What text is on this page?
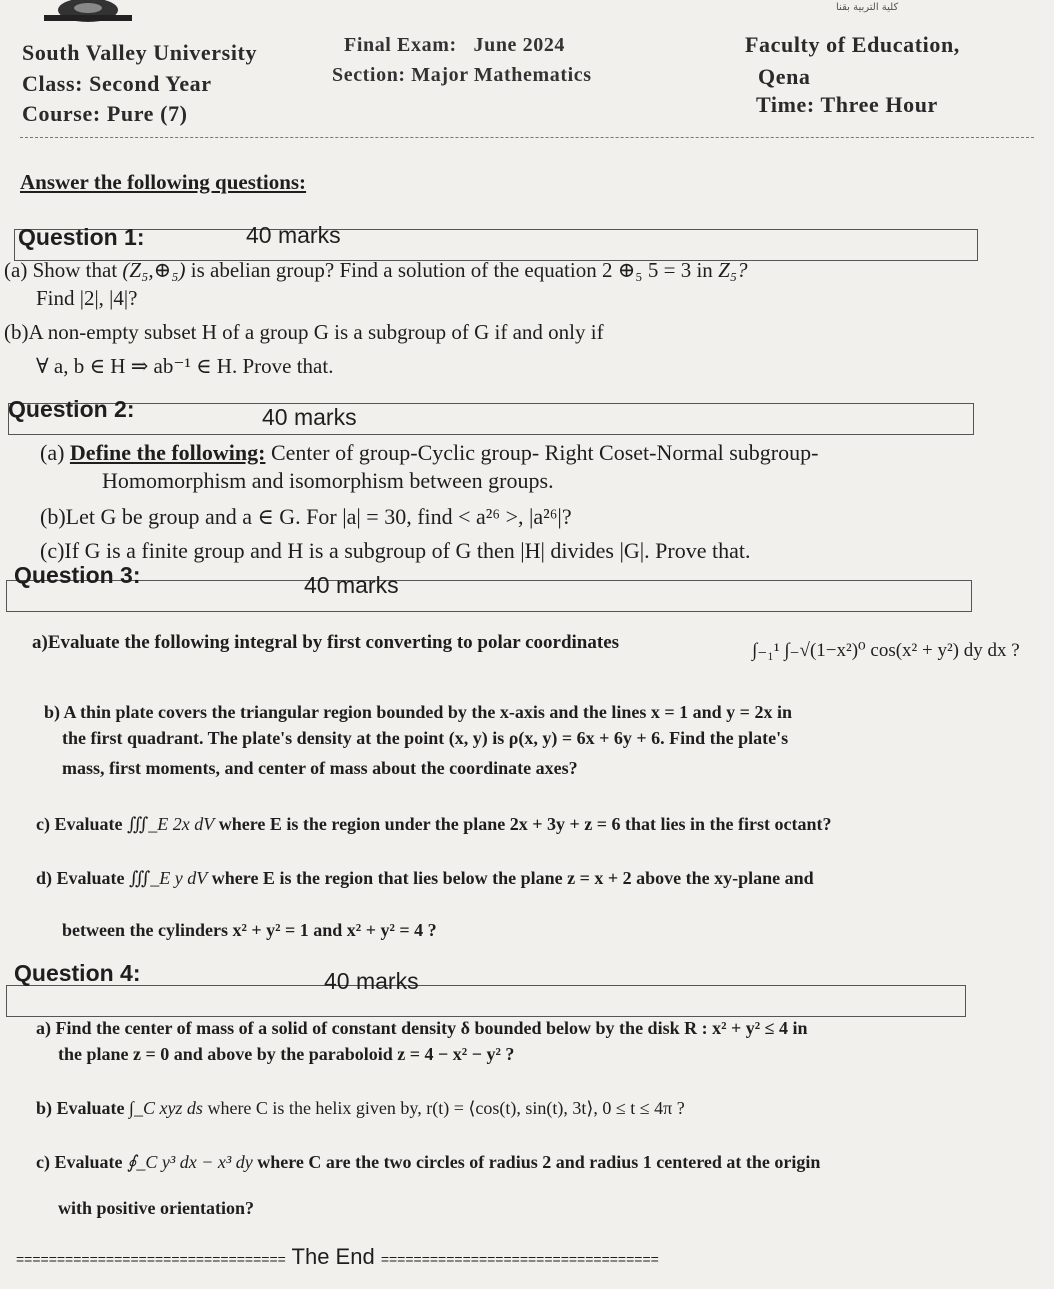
كلية التربية بقنا
South Valley University
Class: Second Year
Course: Pure (7)
Final Exam:   June 2024
Section: Major Mathematics
Faculty of Education,
Qena
Time: Three Hour
Answer the following questions:
Question 1:	40 marks
(a) Show that (Z₅,⊕₅) is abelian group? Find a solution of the equation 2 ⊕₅ 5 = 3 in Z₅?
Find |2|, |4|?
(b)A non-empty subset H of a group G is a subgroup of G if and only if
∀ a, b ∈ H ⇒ ab⁻¹ ∈ H. Prove that.
Question 2:	40 marks
(a) Define the following: Center of group-Cyclic group- Right Coset-Normal subgroup-
Homomorphism and isomorphism between groups.
(b)Let G be group and a ∈ G. For |a| = 30, find < a²⁶ >, |a²⁶|?
(c)If G is a finite group and H is a subgroup of G then |H| divides |G|. Prove that.
Question 3:	40 marks
a)Evaluate the following integral by first converting to polar coordinates	∫₋₁¹ ∫₋√(1−x²)⁰ cos(x² + y²) dy dx ?
b) A thin plate covers the triangular region bounded by the x-axis and the lines x = 1 and y = 2x in
the first quadrant. The plate's density at the point (x, y) is ρ(x, y) = 6x + 6y + 6. Find the plate's
mass, first moments, and center of mass about the coordinate axes?
c) Evaluate ∭_E 2x dV where E is the region under the plane 2x + 3y + z = 6 that lies in the first octant?
d) Evaluate ∭_E y dV where E is the region that lies below the plane z = x + 2 above the xy-plane and
between the cylinders x² + y² = 1 and x² + y² = 4 ?
Question 4:	40 marks
a) Find the center of mass of a solid of constant density δ bounded below by the disk R : x² + y² ≤ 4 in
the plane z = 0 and above by the paraboloid z = 4 − x² − y² ?
b) Evaluate ∫_C xyz ds where C is the helix given by, r(t) = ⟨cos(t), sin(t), 3t⟩, 0 ≤ t ≤ 4π ?
c) Evaluate ∮_C y³ dx − x³ dy where C are the two circles of radius 2 and radius 1 centered at the origin
with positive orientation?
================================= The End ==================================
